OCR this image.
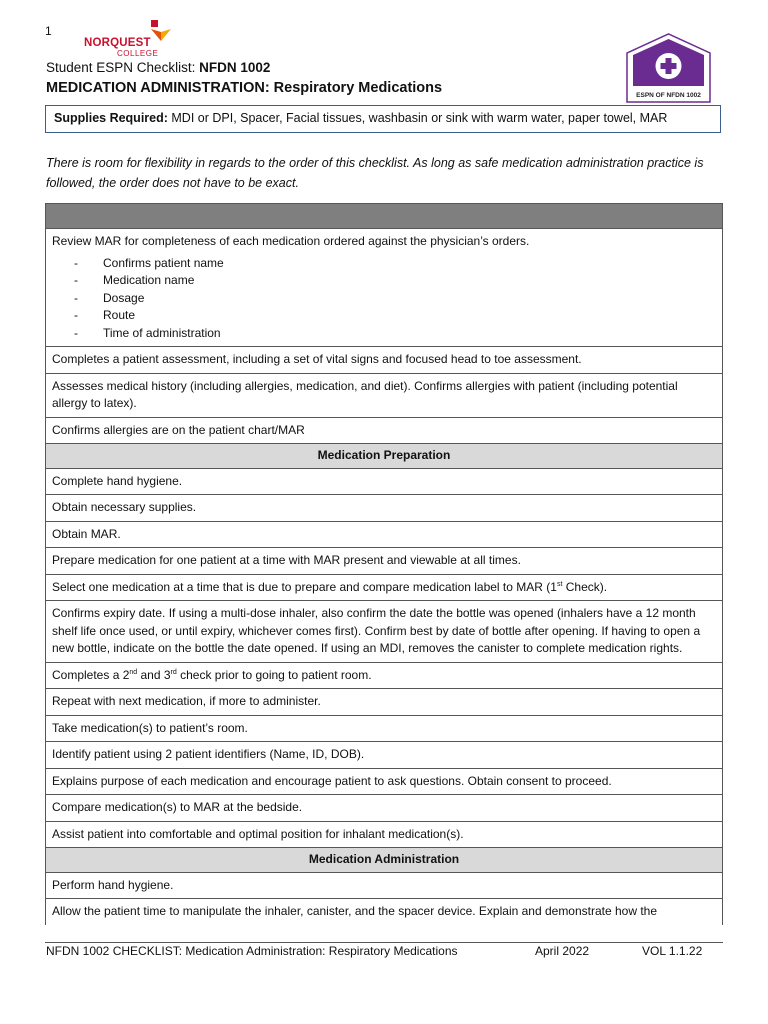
1
NORQUEST
COLLEGE
ESPN OF NFDN 1002
Student ESPN Checklist: NFDN 1002
MEDICATION ADMINISTRATION: Respiratory Medications
Supplies Required: MDI or DPI, Spacer, Facial tissues, washbasin or sink with warm water, paper towel, MAR
There is room for flexibility in regards to the order of this checklist. As long as safe medication administration practice is followed, the order does not have to be exact.
Review MAR for completeness of each medication ordered against the physician’s orders.
- Confirms patient name
- Medication name
- Dosage
- Route
- Time of administration
Completes a patient assessment, including a set of vital signs and focused head to toe assessment.
Assesses medical history (including allergies, medication, and diet). Confirms allergies with patient (including potential allergy to latex).
Confirms allergies are on the patient chart/MAR
Medication Preparation
Complete hand hygiene.
Obtain necessary supplies.
Obtain MAR.
Prepare medication for one patient at a time with MAR present and viewable at all times.
Select one medication at a time that is due to prepare and compare medication label to MAR (1st Check).
Confirms expiry date. If using a multi-dose inhaler, also confirm the date the bottle was opened (inhalers have a 12 month shelf life once used, or until expiry, whichever comes first). Confirm best by date of bottle after opening. If having to open a new bottle, indicate on the bottle the date opened. If using an MDI, removes the canister to complete medication rights.
Completes a 2nd and 3rd check prior to going to patient room.
Repeat with next medication, if more to administer.
Take medication(s) to patient’s room.
Identify patient using 2 patient identifiers (Name, ID, DOB).
Explains purpose of each medication and encourage patient to ask questions. Obtain consent to proceed.
Compare medication(s) to MAR at the bedside.
Assist patient into comfortable and optimal position for inhalant medication(s).
Medication Administration
Perform hand hygiene.
Allow the patient time to manipulate the inhaler, canister, and the spacer device. Explain and demonstrate how the
NFDN 1002 CHECKLIST: Medication Administration: Respiratory Medications	April 2022	VOL 1.1.22
